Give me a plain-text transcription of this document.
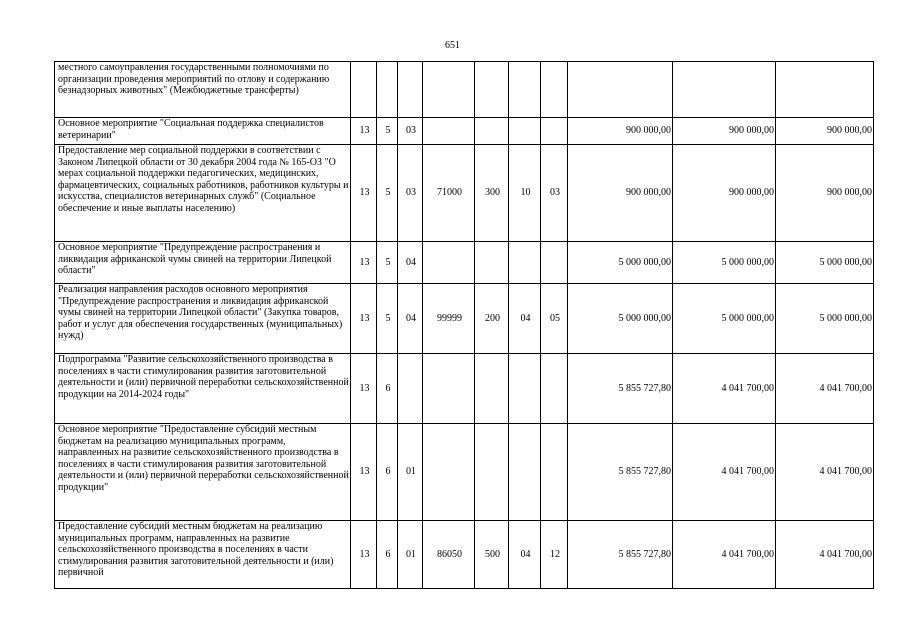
651
местного самоуправления государственными полномочиями по организации проведения мероприятий по отлову и содержанию безнадзорных животных" (Межбюджетные трансферты)										
Основное мероприятие "Социальная поддержка специалистов ветеринарии"	13	5	03					900 000,00	900 000,00	900 000,00
Предоставление мер социальной поддержки в соответствии с Законом Липецкой области от 30 декабря 2004 года № 165-ОЗ "О мерах социальной поддержки педагогических, медицинских, фармацевтических, социальных работников, работников культуры и искусства, специалистов ветеринарных служб" (Социальное обеспечение и иные выплаты населению)	13	5	03	71000	300	10	03	900 000,00	900 000,00	900 000,00
Основное мероприятие "Предупреждение распространения и ликвидация африканской чумы свиней на территории Липецкой области"	13	5	04					5 000 000,00	5 000 000,00	5 000 000,00
Реализация направления расходов основного мероприятия "Предупреждение распространения и ликвидация африканской чумы свиней на территории Липецкой области" (Закупка товаров, работ и услуг для обеспечения государственных (муниципальных) нужд)	13	5	04	99999	200	04	05	5 000 000,00	5 000 000,00	5 000 000,00
Подпрограмма "Развитие сельскохозяйственного производства в поселениях в части стимулирования развития заготовительной деятельности и (или) первичной переработки сельскохозяйственной продукции на 2014-2024 годы"	13	6						5 855 727,80	4 041 700,00	4 041 700,00
Основное мероприятие "Предоставление субсидий местным бюджетам на реализацию муниципальных программ, направленных на развитие сельскохозяйственного производства в поселениях в части стимулирования развития заготовительной деятельности и (или) первичной переработки сельскохозяйственной продукции"	13	6	01					5 855 727,80	4 041 700,00	4 041 700,00
Предоставление субсидий местным бюджетам на реализацию муниципальных программ, направленных на развитие сельскохозяйственного производства в поселениях в части стимулирования развития заготовительной деятельности и (или) первичной	13	6	01	86050	500	04	12	5 855 727,80	4 041 700,00	4 041 700,00
